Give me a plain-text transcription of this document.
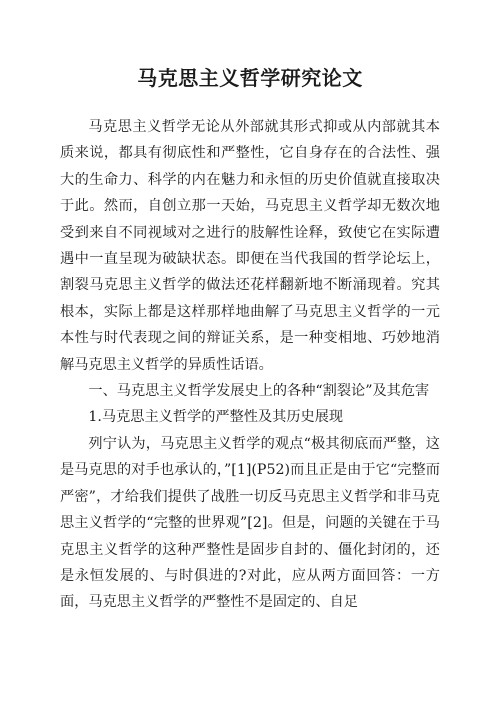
马克思主义哲学研究论文

马克思主义哲学无论从外部就其形式抑或从内部就其本质来说，都具有彻底性和严整性，它自身存在的合法性、强大的生命力、科学的内在魅力和永恒的历史价值就直接取决于此。然而，自创立那一天始，马克思主义哲学却无数次地受到来自不同视域对之进行的肢解性诠释，致使它在实际遭遇中一直呈现为破缺状态。即便在当代我国的哲学论坛上，割裂马克思主义哲学的做法还花样翻新地不断涌现着。究其根本，实际上都是这样那样地曲解了马克思主义哲学的一元本性与时代表现之间的辩证关系，是一种变相地、巧妙地消解马克思主义哲学的异质性话语。

一、马克思主义哲学发展史上的各种“割裂论”及其危害

1.马克思主义哲学的严整性及其历史展现

列宁认为，马克思主义哲学的观点“极其彻底而严整，这是马克思的对手也承认的，”[1](P52)而且正是由于它“完整而严密”，才给我们提供了战胜一切反马克思主义哲学和非马克思主义哲学的“完整的世界观”[2]。但是，问题的关键在于马克思主义哲学的这种严整性是固步自封的、僵化封闭的，还是永恒发展的、与时俱进的?对此，应从两方面回答：一方面，马克思主义哲学的严整性不是固定的、自足
